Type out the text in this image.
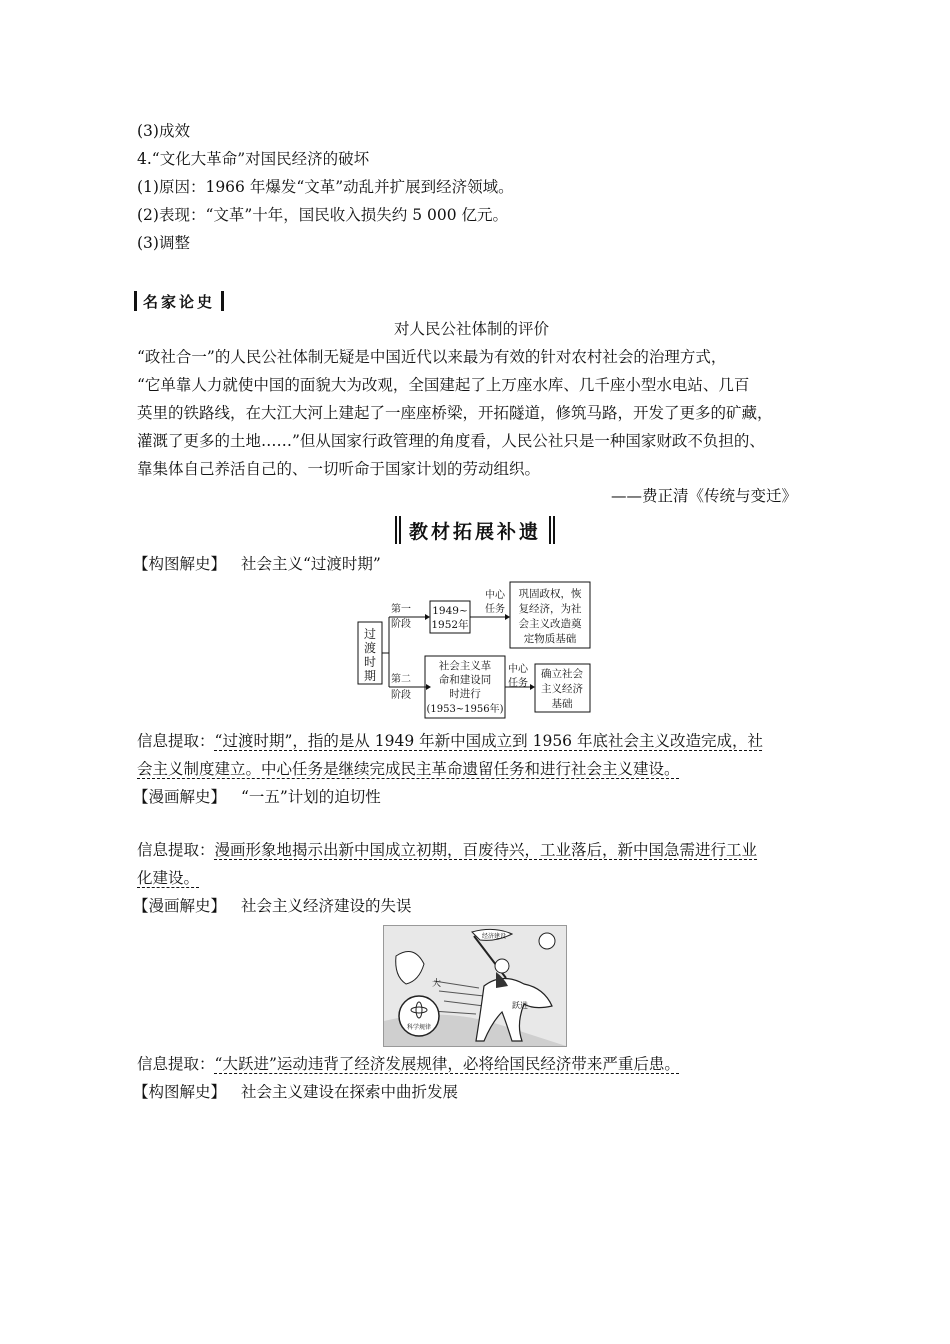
(3)成效
4.“文化大革命”对国民经济的破坏
(1)原因：1966 年爆发“文革”动乱并扩展到经济领域。
(2)表现：“文革”十年，国民收入损失约 5 000 亿元。
(3)调整
名家论史
对人民公社体制的评价
“政社合一”的人民公社体制无疑是中国近代以来最为有效的针对农村社会的治理方式，
“它单靠人力就使中国的面貌大为改观，全国建起了上万座水库、几千座小型水电站、几百
英里的铁路线，在大江大河上建起了一座座桥梁，开拓隧道，修筑马路，开发了更多的矿藏，
灌溉了更多的土地……”但从国家行政管理的角度看，人民公社只是一种国家财政不负担的、
靠集体自己养活自己的、一切听命于国家计划的劳动组织。
——费正清《传统与变迁》
教材拓展补遗
【构图解史】 社会主义“过渡时期”
过
渡
时
期
第一
阶段
第二
阶段
1949~
1952年
社会主义革
命和建设同
时进行
(1953~1956年)
中心
任务
中心
任务
巩固政权，恢
复经济，为社
会主义改造奠
定物质基础
确立社会
主义经济
基础
信息提取：“过渡时期”，指的是从 1949 年新中国成立到 1956 年底社会主义改造完成，社
会主义制度建立。中心任务是继续完成民主革命遗留任务和进行社会主义建设。
【漫画解史】 “一五”计划的迫切性
信息提取：漫画形象地揭示出新中国成立初期，百废待兴，工业落后，新中国急需进行工业
化建设。
【漫画解史】 社会主义经济建设的失误
经济建设
大
科学规律
跃进
信息提取：“大跃进”运动违背了经济发展规律，必将给国民经济带来严重后患。
【构图解史】 社会主义建设在探索中曲折发展
